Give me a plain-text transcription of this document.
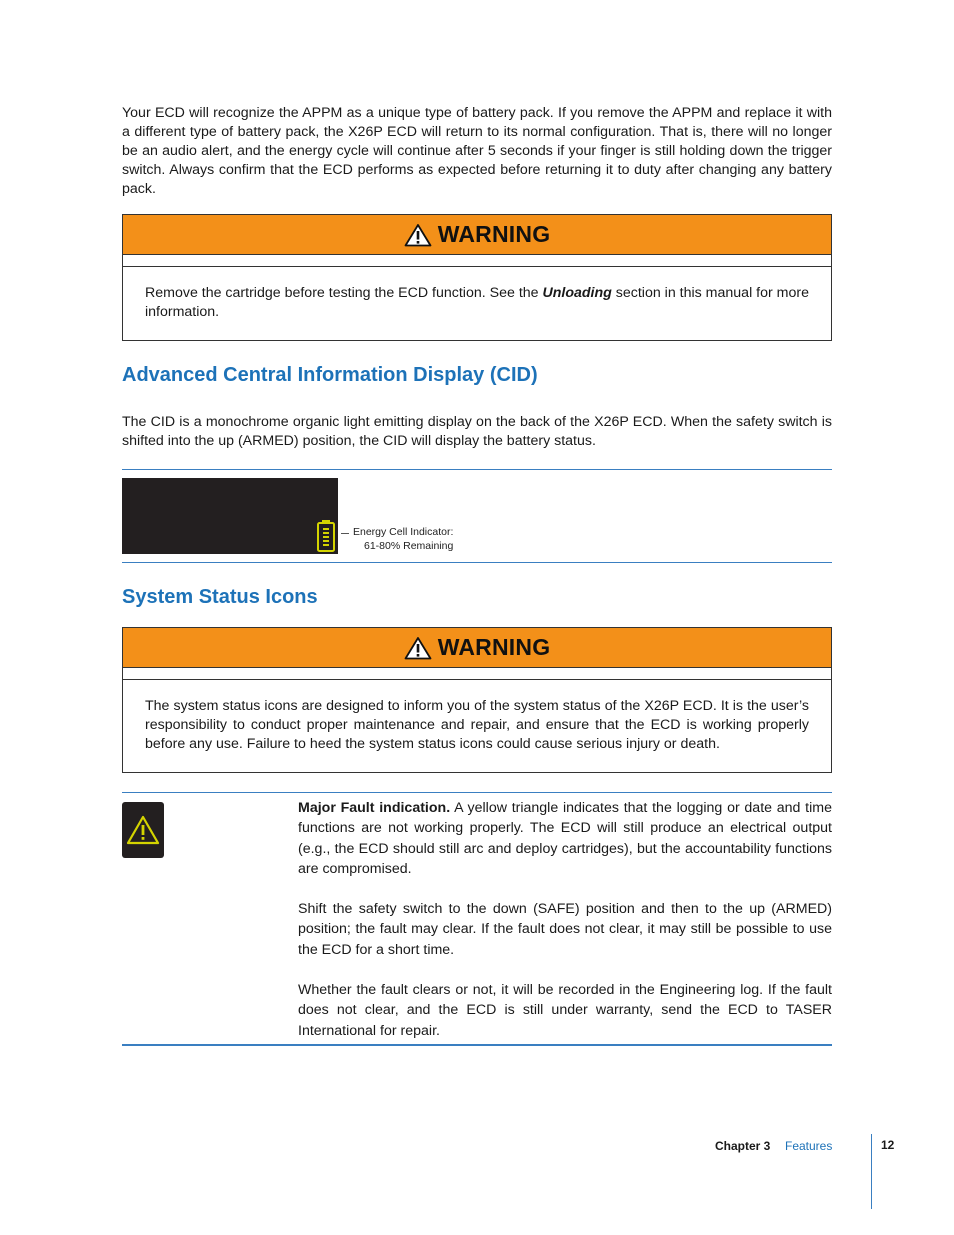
Your ECD will recognize the APPM as a unique type of battery pack. If you remove the APPM and replace it with a different type of battery pack, the X26P ECD will return to its normal configuration. That is, there will no longer be an audio alert, and the energy cycle will continue after 5 seconds if your finger is still holding down the trigger switch. Always confirm that the ECD performs as expected before returning it to duty after changing any battery pack.
WARNING
Remove the cartridge before testing the ECD function. See the Unloading section in this manual for more information.
Advanced Central Information Display (CID)
The CID is a monochrome organic light emitting display on the back of the X26P ECD. When the safety switch is shifted into the up (ARMED) position, the CID will display the battery status.
Energy Cell Indicator:
61-80% Remaining
System Status Icons
WARNING
The system status icons are designed to inform you of the system status of the X26P ECD. It is the user’s responsibility to conduct proper maintenance and repair, and ensure that the ECD is working properly before any use. Failure to heed the system status icons could cause serious injury or death.

Major Fault indication. A yellow triangle indicates that the logging or date and time functions are not working properly. The ECD will still produce an electrical output (e.g., the ECD should still arc and deploy cartridges), but the accountability functions are compromised.

Shift the safety switch to the down (SAFE) position and then to the up (ARMED) position; the fault may clear. If the fault does not clear, it may still be possible to use the ECD for a short time.

Whether the fault clears or not, it will be recorded in the Engineering log. If the fault does not clear, and the ECD is still under warranty, send the ECD to TASER International for repair.

Chapter 3 Features	12
